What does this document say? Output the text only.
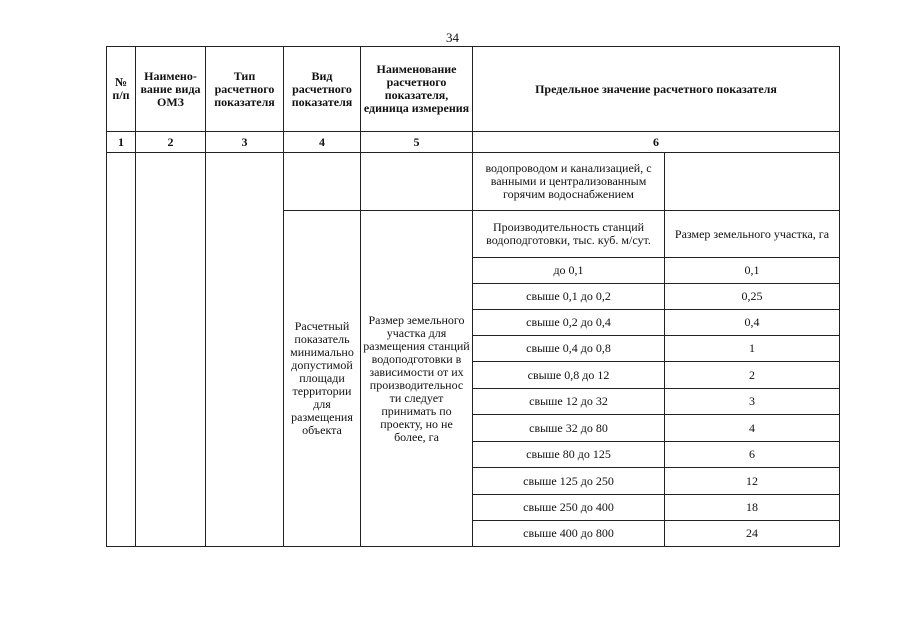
34
№ п/п	Наимено-вание вида ОМЗ	Тип расчетного показателя	Вид расчетного показателя	Наименование расчетного показателя, единица измерения	Предельное значение расчетного показателя	
1	2	3	4	5	6	
					водопроводом и канализацией, с ванными и централизованным горячим водоснабжением	
			Расчетный показатель минимально допустимой площади территории для размещения объекта	Размер земельного участка для размещения станций водоподготовки в зависимости от их производительнос ти следует принимать по проекту, но не более, га	Производительность станций водоподготовки, тыс. куб. м/сут.	Размер земельного участка, га
					до 0,1	0,1
					свыше 0,1 до 0,2	0,25
					свыше 0,2 до 0,4	0,4
					свыше 0,4 до 0,8	1
					свыше 0,8 до 12	2
					свыше 12 до 32	3
					свыше 32 до 80	4
					свыше 80 до 125	6
					свыше 125 до 250	12
					свыше 250 до 400	18
					свыше 400 до 800	24
